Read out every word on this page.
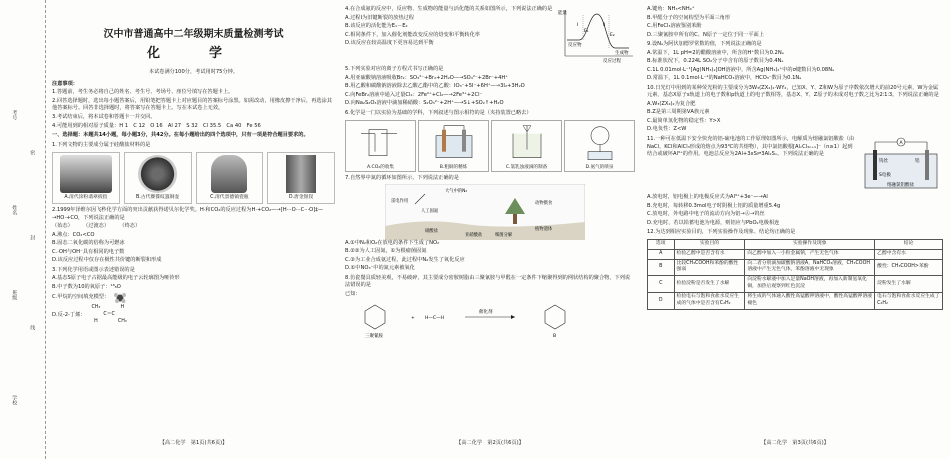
考号
密
姓名
封
班级
线
学校
汉中市普通高中二年级期末质量检测考试
化　学

本试卷满分100分，考试用时75分钟。

注意事项：

1.答题前，考生务必将自己的姓名、考生号、考场号、座位号填写在答题卡上。

2.回答选择题时，选出每小题答案后，用铅笔把答题卡上对应题目的答案标号涂黑。如需改动，用橡皮擦干净后，再选涂其他答案标号。回答非选择题时，将答案写在答题卡上。写在本试卷上无效。

3.考试结束后，将本试卷和答题卡一并交回。

4.可能用到的相对原子质量：H 1　C 12　O 16　Al 27　S 32　Cl 35.5　Ca 40　Fe 56

一、选择题：本题共14小题，每小题3分，共42分。在每小题给出的四个选项中，只有一项是符合题目要求的。

1.下列文物的主要成分属于硅酸盐材料的是

A.清代涂粉翡翠扳指	B.古代饕餮纹簋铜壶	C.清代景德镇瓷瓶	D.唐金银钗

2.1999年泽维尔因飞秒化学方面的突出贡献获得诺贝尔化学奖。H·和CO₂的反应过程为H·+CO₂—→[H···O···C···O]‡—→HO·+CO，下列说法正确的是

（始态）　　　（过渡态）　　　（终态）

A.沸点：CO₂<CO

B.固态二氧化碳的俗称为可燃冰

C.·OH与OH⁻具有相同的电子数

D.该反应过程中仅存在极性共价键的断裂和形成

3.下列化学用语或图示表述错误的是

A.基态S原子电子占据最高能级的电子云轮廓图为哑铃形

B.中子数为10的氧原子：¹⁸₈O

C.甲烷的空间填充模型：

D.反-2-丁烯：
CH₃	H
C＝C
H	CH₃
【高二化学　第1页(共6页)】

4.在合成氨的反应中，反应物、生成物的能量与活化能的关系如图所示，下列说法正确的是

A.过程Ⅰ为旧键断裂的放热过程

B.该反应的活化能为E₁－E₂

C.相同条件下，加入催化剂能改变反应的焓变和平衡转化率

D.该反应在较高温度下更容易达到平衡

能量
Ⅰ	Ⅱ
反应物
生成物
反应过程
E₁
E₂

5.下列实验对应的离子方程式书写正确的是

A.用亚硫酸钠溶液吸收Br₂：SO₃²⁻+Br₂+2H₂O—→SO₄²⁻+2Br⁻+4H⁺

B.用乙酸和碳酸钠溶液除去乙酸乙酯中的乙酸：IO₃⁻+5I⁻+6H⁺—→3I₂+3H₂O

C.向FeBr₂溶液中通入过量Cl₂：2Fe²⁺+Cl₂—→2Fe³⁺+2Cl⁻

D.向Na₂S₂O₃溶液中滴加稀硝酸：S₂O₃²⁻+2H⁺—→S↓+SO₂↑+H₂O

6.化学是一门以实验为基础的学科，下列叙述与图示相符的是（夹持装置已略去）

A.CO₂的收集	B.粗铜的精炼	C.氯乳浊液滴的制备	D.氨气的喷泉

7.自然界中氮的循环如图所示，下列说法正确的是

大气中的N₂
雷电作用
人工固氮
动物摄食
硝酸盐
亚硝酸盐
植物遗体
细菌分解

A.①中N₂和O₂在放电的条件下生成了NO₂

B.②②为人工固氮，①为根瘤菌固氮

C.③为工业合成氨过程，此过程中N₂发生了氧化反应

D.①中NO₃⁻中的氮元素被氧化

8.仿瓷餐具质轻美观，不易破碎，其主要成分密胺树脂由三聚氰胺与甲醛在一定条件下缩聚得到的网状结构的聚合物，下列说法错误的是

已知：

三聚氰胺
+ H—C—H
催化剂
B
【高二化学　第2页(共6页)】

A.键角：NH₃<NH₄⁺

B.甲醛分子的空间构型为平面三角形

C.用FeCl₃溶液鉴别苯酚

D.三聚氰胺中所有的C、N原子一定位于同一平面上

9.设Nₐ为阿伏加德罗常数的值，下列说法正确的是

A.常温下，1L pH=2的醋酸溶液中，所含的H⁺数目为0.2Nₐ

B.标准状况下，0.224L SO₂分子中含有的原子数目为0.4Nₐ

C.1L 0.01mol·L⁻¹[Ag(NH₃)₂]OH溶液中，所含Ag(NH₃)₂⁺中的σ键数目为0.08Nₐ

D.常温下，1L 0.1mol·L⁻¹的NaHCO₃溶液中，HCO₃⁻数目为0.1Nₐ

10.日光灯中用到的某种荧光粉的主要成分为3W₃(ZX₄)₂·WY₂，已知X、Y、Z和W为原子序数依次增大的前20号元素，W为金属元素，基态X原子s轨道上的电子数和p轨道上的电子数相等，基态X、Y、Z原子的未成对电子数之比为2∶1∶3。下列说法正确的是

A.W₃(ZX₄)₂为复合肥

B.Z是第三周期第ⅤA族元素

C.最简单氢化物的稳定性：Y>X

D.电负性：Z<W

11.一种可在低温下安全快充的铝-硫电池的工作原理如图所示，电解质为熔融氯铝酸盐（由NaCl、KCl和AlCl₃形成的熔点为93℃的共熔物），其中氯铝酸根[AlₙCl₃ₙ₊₁]⁻（n≥1）起到结合或破坏Al³⁺的作用。电池总反应为2Al+3xS⇌3Al₂Sₓ。下列说法正确的是

A
钨丝	铝
S电极
熔融氯铝酸盐

A.放电时，铝电极上的电极反应式为Al³⁺+3e⁻—→Al

B.充电时，每转移0.3mol电子时阴极上铝的质量增重5.4g

C.放电时，外电路中电子的流动方向为铝→Ⓐ→钨丝

D.充电时，若以铅蓄电池为电源，则铝应与PbO₂电极相连

12.为达到相应实验目的，下列实验操作及现象、结论均正确的是

选项	实验目的	实验操作及现象	结论
A	检验乙醇中是否含有水	向乙醇中加入一小粒金属钠，产生无色气体	乙醇中含有水
B	比较CH₃COOH和苯酚的酸性强弱	向二者分别滴加碳酸钠溶液A，NaHCO₃溶液，CH₃COOH溶液中产生无色气体，苯酚溶液中无现象	酸性：CH₃COOH>苯酚
C	检验淀粉是否发生了水解	向淀粉水解液中加入足量NaOH溶液，再加入新制氢氧化铜，加热后观察到红色沉淀	淀粉发生了水解
D	检验电石与饱和食盐水反应生成的气体中是否含有C₂H₂	将生成的气体通入酸性高锰酸钾溶液中，酸性高锰酸钾溶液褪色	电石与饱和食盐水反应生成了C₂H₂
【高二化学　第3页(共6页)】
